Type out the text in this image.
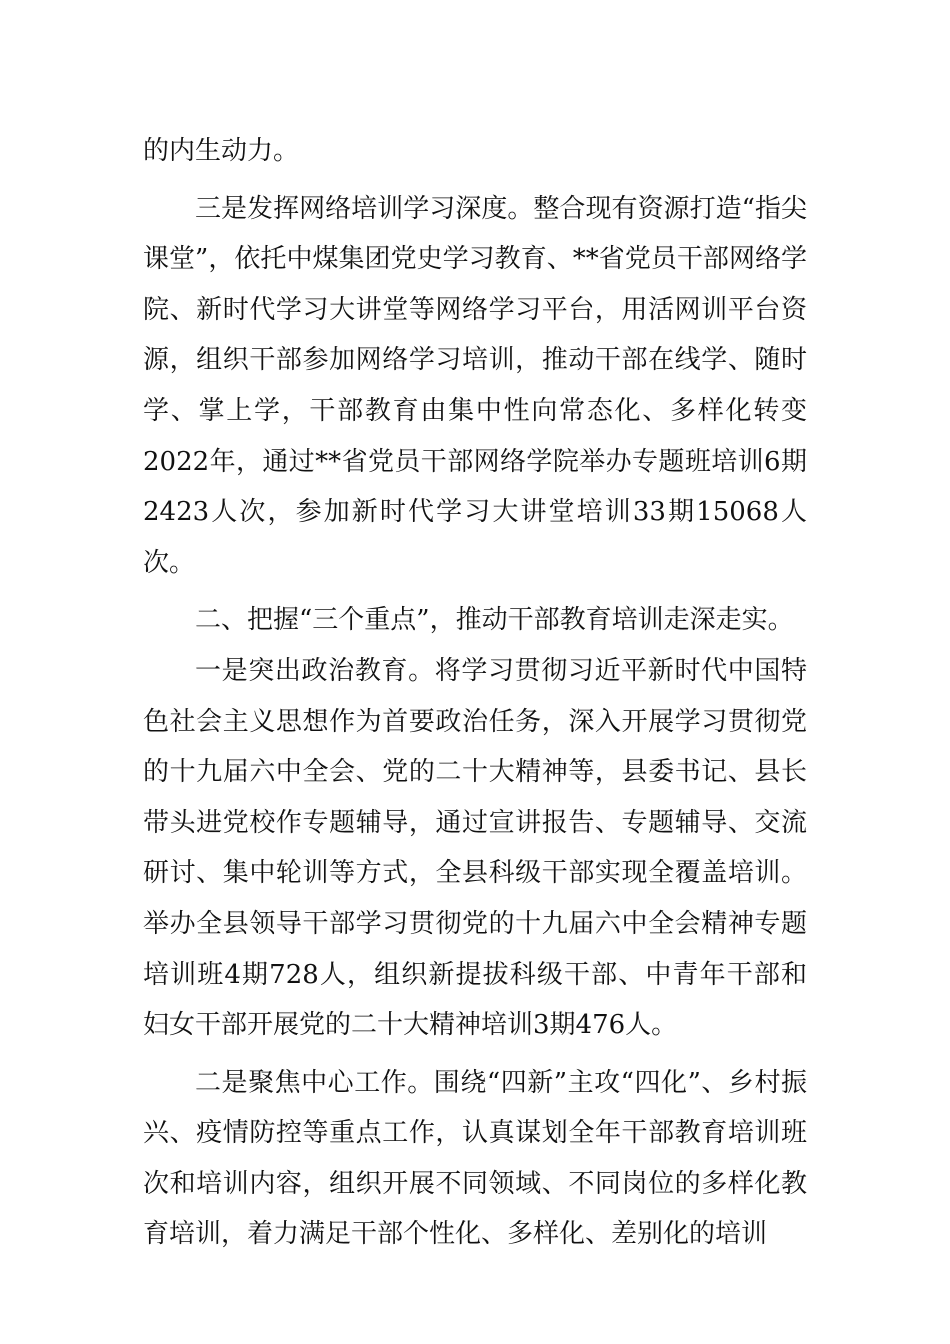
的内生动力。

三是发挥网络培训学习深度。整合现有资源打造“指尖课堂”，依托中煤集团党史学习教育、**省党员干部网络学院、新时代学习大讲堂等网络学习平台，用活网训平台资源，组织干部参加网络学习培训，推动干部在线学、随时学、掌上学，干部教育由集中性向常态化、多样化转变2022年，通过**省党员干部网络学院举办专题班培训6期2423人次，参加新时代学习大讲堂培训33期15068人次。

二、把握“三个重点”，推动干部教育培训走深走实。

一是突出政治教育。将学习贯彻习近平新时代中国特色社会主义思想作为首要政治任务，深入开展学习贯彻党的十九届六中全会、党的二十大精神等，县委书记、县长带头进党校作专题辅导，通过宣讲报告、专题辅导、交流研讨、集中轮训等方式，全县科级干部实现全覆盖培训。举办全县领导干部学习贯彻党的十九届六中全会精神专题培训班4期728人，组织新提拔科级干部、中青年干部和妇女干部开展党的二十大精神培训3期476人。

二是聚焦中心工作。围绕“四新”主攻“四化”、乡村振兴、疫情防控等重点工作，认真谋划全年干部教育培训班次和培训内容，组织开展不同领域、不同岗位的多样化教育培训，着力满足干部个性化、多样化、差别化的培训
